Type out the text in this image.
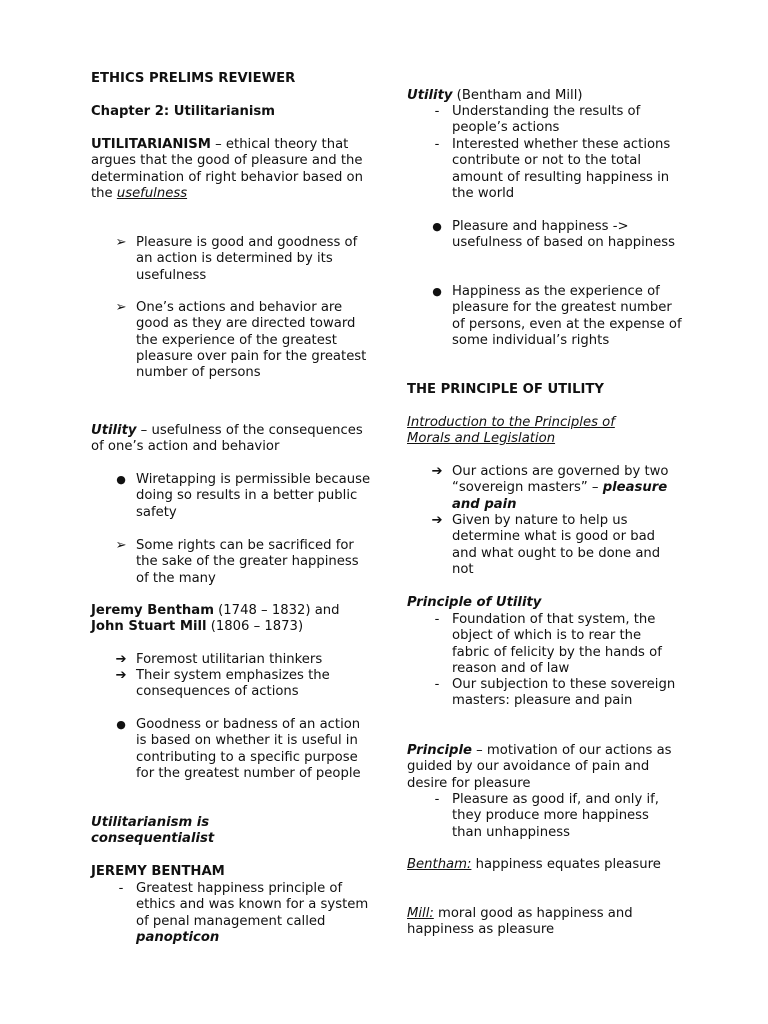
ETHICS PRELIMS REVIEWER
Chapter 2: Utilitarianism
UTILITARIANISM – ethical theory that argues that the good of pleasure and the determination of right behavior based on the usefulness
➢ Pleasure is good and goodness of an action is determined by its usefulness
➢ One’s actions and behavior are good as they are directed toward the experience of the greatest pleasure over pain for the greatest number of persons
Utility – usefulness of the consequences of one’s action and behavior
● Wiretapping is permissible because doing so results in a better public safety
➢ Some rights can be sacrificed for the sake of the greater happiness of the many
Jeremy Bentham (1748 – 1832) and John Stuart Mill (1806 – 1873)
➔ Foremost utilitarian thinkers
➔ Their system emphasizes the consequences of actions
● Goodness or badness of an action is based on whether it is useful in contributing to a specific purpose for the greatest number of people
Utilitarianism is consequentialist
JEREMY BENTHAM
- Greatest happiness principle of ethics and was known for a system of penal management called panopticon
Utility (Bentham and Mill)
- Understanding the results of people’s actions
- Interested whether these actions contribute or not to the total amount of resulting happiness in the world
● Pleasure and happiness -> usefulness of based on happiness
● Happiness as the experience of pleasure for the greatest number of persons, even at the expense of some individual’s rights
THE PRINCIPLE OF UTILITY
Introduction to the Principles of Morals and Legislation
➔ Our actions are governed by two “sovereign masters” – pleasure and pain
➔ Given by nature to help us determine what is good or bad and what ought to be done and not
Principle of Utility
- Foundation of that system, the object of which is to rear the fabric of felicity by the hands of reason and of law
- Our subjection to these sovereign masters: pleasure and pain
Principle – motivation of our actions as guided by our avoidance of pain and desire for pleasure
- Pleasure as good if, and only if, they produce more happiness than unhappiness
Bentham: happiness equates pleasure
Mill: moral good as happiness and happiness as pleasure
